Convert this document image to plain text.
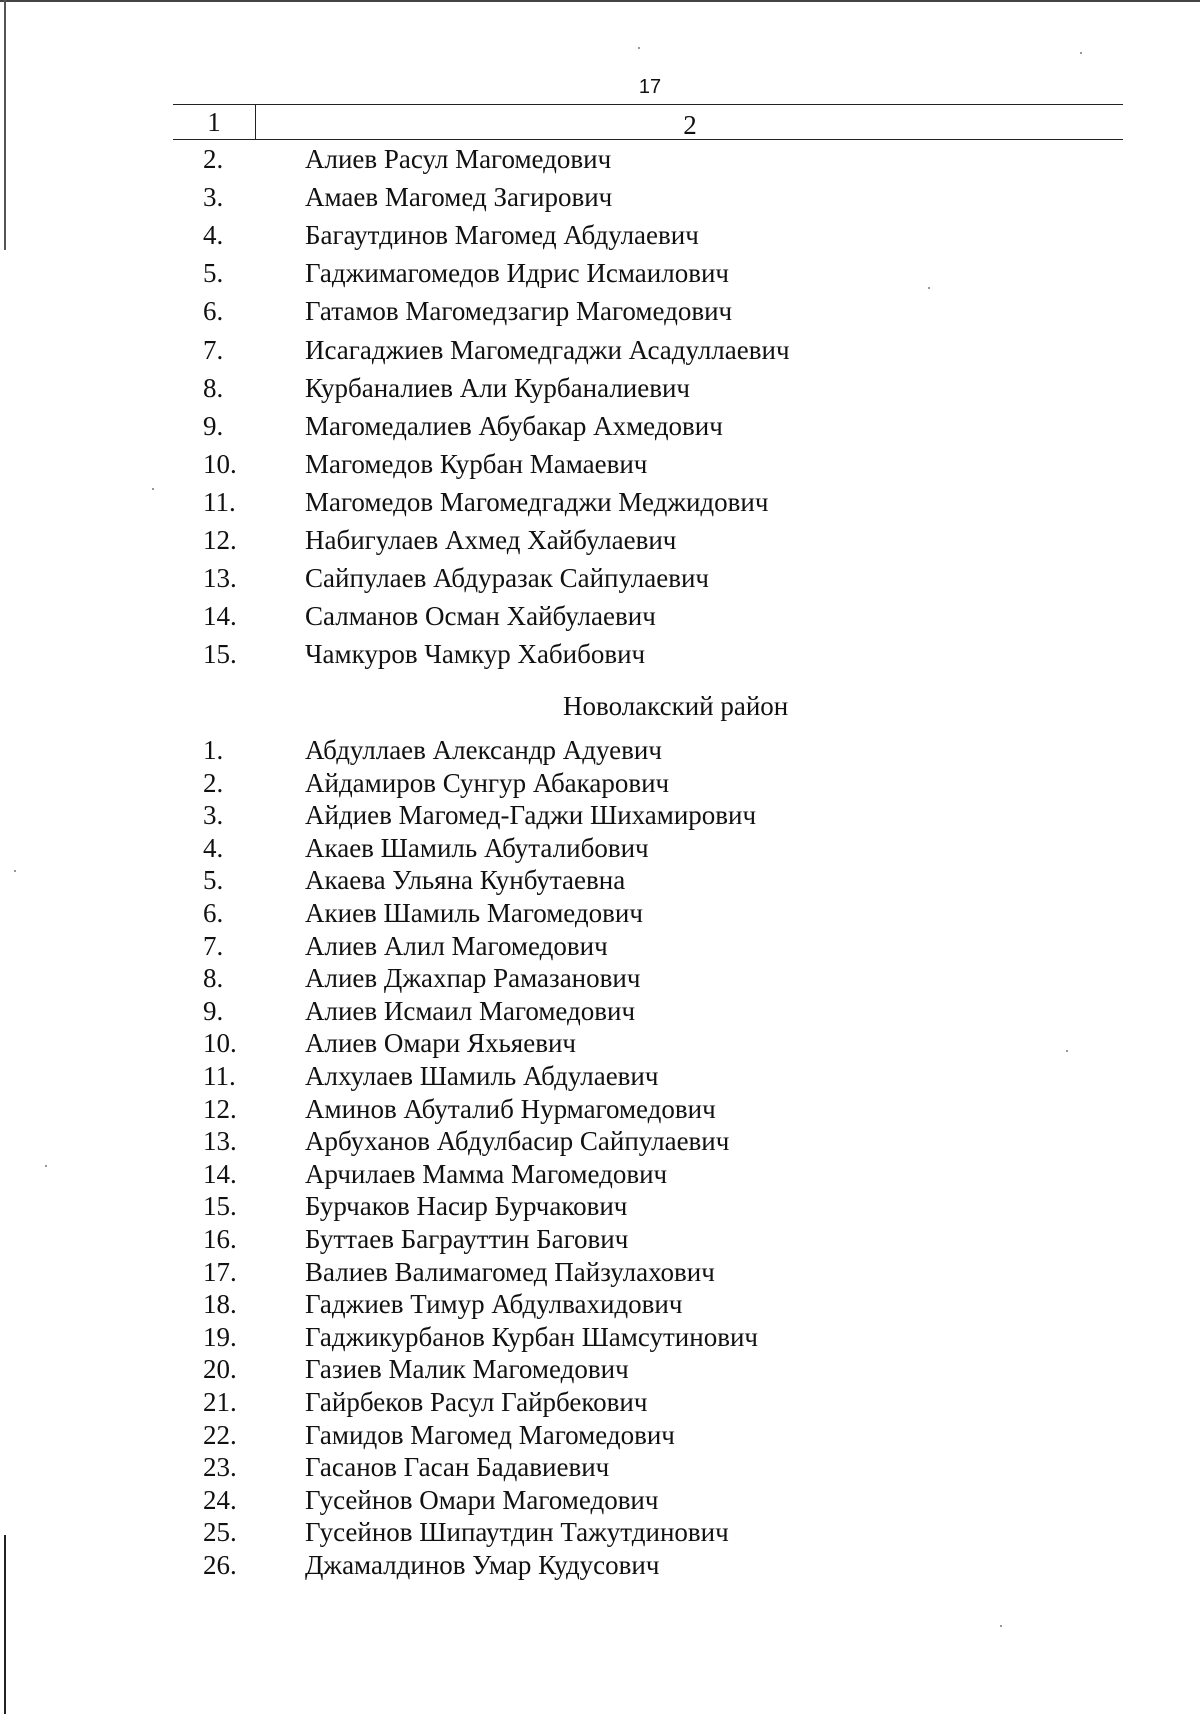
17
1	2
2.	Алиев Расул Магомедович
3.	Амаев Магомед Загирович
4.	Багаутдинов Магомед Абдулаевич
5.	Гаджимагомедов Идрис Исмаилович
6.	Гатамов Магомедзагир Магомедович
7.	Исагаджиев Магомедгаджи Асадуллаевич
8.	Курбаналиев Али Курбаналиевич
9.	Магомедалиев Абубакар Ахмедович
10.	Магомедов Курбан Мамаевич
11.	Магомедов Магомедгаджи Меджидович
12.	Набигулаев Ахмед Хайбулаевич
13.	Сайпулаев Абдуразак Сайпулаевич
14.	Салманов Осман Хайбулаевич
15.	Чамкуров Чамкур Хабибович
Новолакский район
1.	Абдуллаев Александр Адуевич
2.	Айдамиров Сунгур Абакарович
3.	Айдиев Магомед-Гаджи Шихамирович
4.	Акаев Шамиль Абуталибович
5.	Акаева Ульяна Кунбутаевна
6.	Акиев Шамиль Магомедович
7.	Алиев Алил Магомедович
8.	Алиев Джахпар Рамазанович
9.	Алиев Исмаил Магомедович
10.	Алиев Омари Яхьяевич
11.	Алхулаев Шамиль Абдулаевич
12.	Аминов Абуталиб Нурмагомедович
13.	Арбуханов Абдулбасир Сайпулаевич
14.	Арчилаев Мамма Магомедович
15.	Бурчаков Насир Бурчакович
16.	Буттаев Баграуттин Багович
17.	Валиев Валимагомед Пайзулахович
18.	Гаджиев Тимур Абдулвахидович
19.	Гаджикурбанов Курбан Шамсутинович
20.	Газиев Малик Магомедович
21.	Гайрбеков Расул Гайрбекович
22.	Гамидов Магомед Магомедович
23.	Гасанов Гасан Бадавиевич
24.	Гусейнов Омари Магомедович
25.	Гусейнов Шипаутдин Тажутдинович
26.	Джамалдинов Умар Кудусович
